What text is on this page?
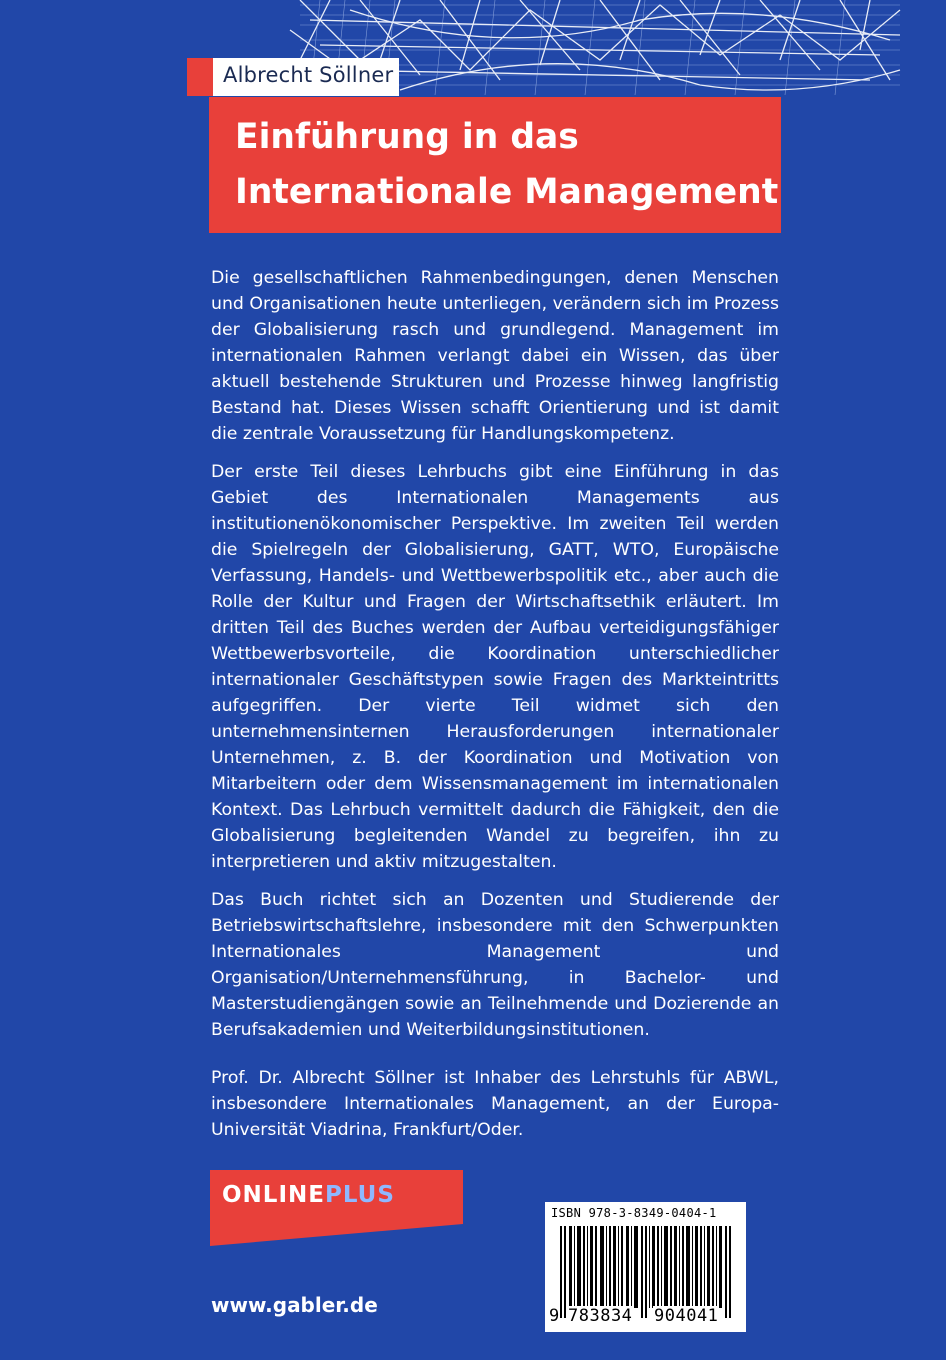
Albrecht Söllner
Einführung in das
Internationale Management

Die gesellschaftlichen Rahmenbedingungen, denen Menschen und Organisationen heute unterliegen, verändern sich im Prozess der Globalisierung rasch und grundlegend. Management im internationalen Rahmen verlangt dabei ein Wissen, das über aktuell bestehende Strukturen und Prozesse hinweg langfristig Bestand hat. Dieses Wissen schafft Orientierung und ist damit die zentrale Voraussetzung für Handlungskompetenz.

Der erste Teil dieses Lehrbuchs gibt eine Einführung in das Gebiet des Internationalen Managements aus institutionenökonomischer Perspektive. Im zweiten Teil werden die Spielregeln der Globalisierung, GATT, WTO, Europäische Verfassung, Handels- und Wettbewerbspolitik etc., aber auch die Rolle der Kultur und Fragen der Wirtschaftsethik erläutert. Im dritten Teil des Buches werden der Aufbau verteidigungsfähiger Wettbewerbsvorteile, die Koordination unterschiedlicher internationaler Geschäftstypen sowie Fragen des Markteintritts aufgegriffen. Der vierte Teil widmet sich den unternehmensinternen Herausforderungen internationaler Unternehmen, z. B. der Koordination und Motivation von Mitarbeitern oder dem Wissensmanagement im internationalen Kontext. Das Lehrbuch vermittelt dadurch die Fähigkeit, den die Globalisierung begleitenden Wandel zu begreifen, ihn zu interpretieren und aktiv mitzugestalten.

Das Buch richtet sich an Dozenten und Studierende der Betriebswirtschaftslehre, insbesondere mit den Schwerpunkten Internationales Management und Organisation/Unternehmensführung, in Bachelor- und Masterstudiengängen sowie an Teilnehmende und Dozierende an Berufsakademien und Weiterbildungsinstitutionen.

Prof. Dr. Albrecht Söllner ist Inhaber des Lehrstuhls für ABWL, insbesondere Internationales Management, an der Europa-Universität Viadrina, Frankfurt/Oder.

ONLINEPLUS
www.gabler.de
ISBN 978-3-8349-0404-1
9 783834 904041
